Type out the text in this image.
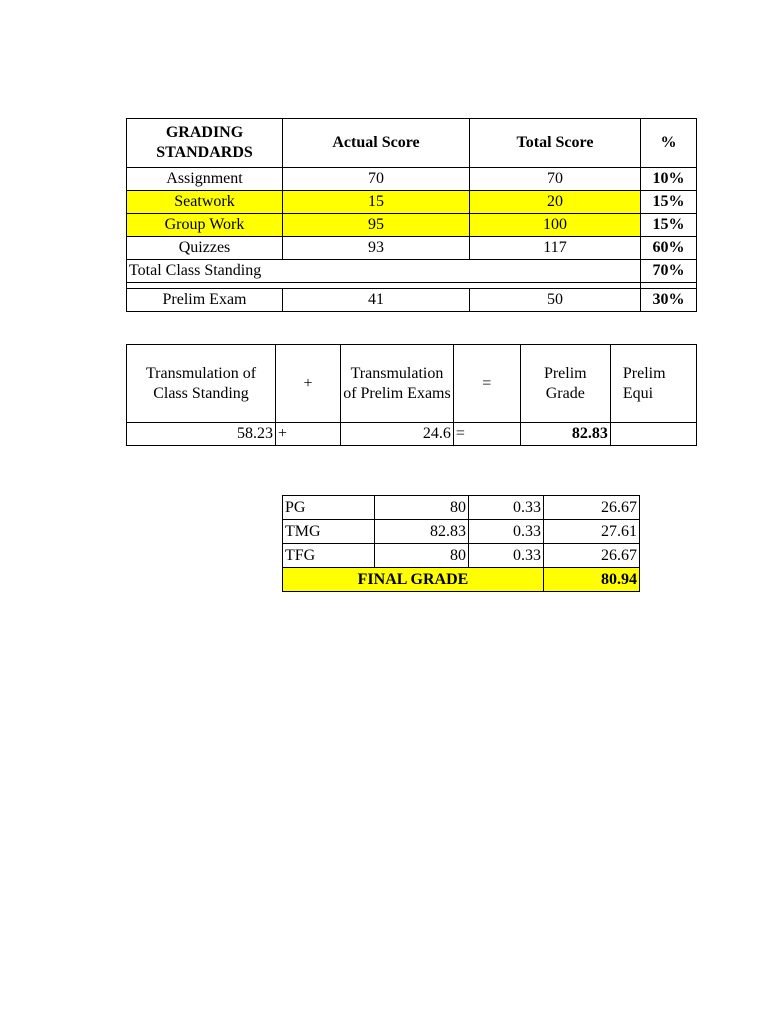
GRADING STANDARDS	Actual Score	Total Score	%
Assignment	70	70	10%
Seatwork	15	20	15%
Group Work	95	100	15%
Quizzes	93	117	60%
Total Class Standing			70%

Prelim Exam	41	50	30%
Transmulation of Class Standing	+	Transmulation of Prelim Exams	=	Prelim Grade	Prelim Equi
58.23	+	24.6	=	82.83	
PG	80	0.33	26.67
TMG	82.83	0.33	27.61
TFG	80	0.33	26.67
FINAL GRADE			80.94
